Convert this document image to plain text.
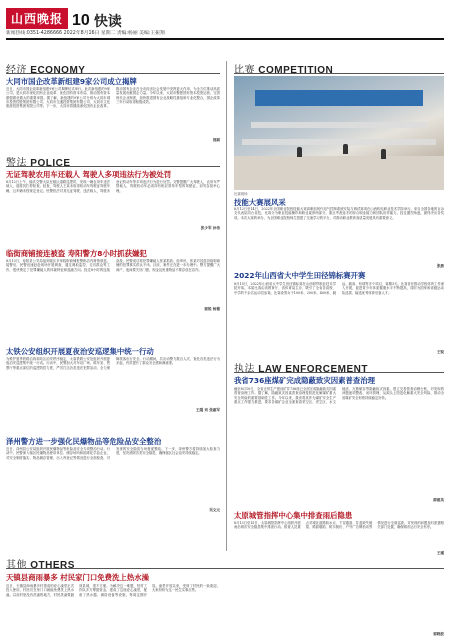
山西晚报 10 快读
新闻热线:0351-4286666 2022年8月16日 星期二 责编:杨丽 美编:王振翔
经济 ECONOMY
大同市国企改革新组建9家公司成立揭牌
近日，大同市国企改革新组建9家公司揭牌仪式举行。此次新组建的9家公司，是大同市深化国有企业改革、优化国有资本布局、推动国有资本做强做优做大的重要举措。据了解，新组建的9家公司分别为大同市城市投资控股集团有限公司、大同市交通投资集团有限公司、大同市文化旅游投资集团有限公司等。下一步，大同市将继续深化国有企业改革，推动国有企业在全市经济社会发展中发挥更大作用，为全方位推动高质量发展贡献国企力量。今年以来，大同市聚焦国有资本投资运营，完善现代企业制度，加快推进国有企业战略性重组和专业化整合，国企改革三年行动取得积极成效。
郭斌
警法 POLICE
无证驾驶农用车还载人 驾驶人多项违法行为被处罚
8月12日上午，榆次交警大队在辖区道路巡逻时，发现一辆农用车违法载人，遂将其拦停检查。经查，驾驶人王某未取得机动车驾驶证驾驶车辆，且车辆未按规定登记。民警依法对其无证驾驶、违法载人、驾驶未登记机动车等多项违法行为进行处罚。交警提醒广大驾驶人，农用车严禁载人，驾驶机动车必须持有相应准驾车型的驾驶证，切勿存侥幸心理。
张少军 孙伟
临街商铺接连被盗 寿阳警方8小时抓获嫌犯
8月13日，寿阳县公安局接到辖区多家临街商铺报警称店内财物被盗。接警后，民警迅速赶赴现场开展调查，通过调取监控、走访群众等工作，很快锁定了犯罪嫌疑人的体貌特征和逃跑方向。经过8小时的连续奋战，民警成功将犯罪嫌疑人张某抓获。经审讯，张某对其盗窃临街商铺的犯罪事实供认不讳。目前，案件正在进一步办理中。警方提醒广大商户，夜间要关好门窗，现金及贵重物品不要存放在店内。
郭锐 杨德
太铁公安组织开展夏夜治安巡逻集中统一行动
为维护夏季铁路沿线和站区治安秩序稳定，太原铁路公安处组织开展夏夜治安巡逻集中统一行动。行动中，民警加大对车站广场、候车室、售票厅等重点部位的巡逻防控力度，严厉打击各类违法犯罪活动，全力保障旅客出行安全。行动期间，共出动警力数百人次，查处各类违法行为多起，有效提升了群众安全感和满意度。
王越 刘 张惠军
泽州警方进一步强化民爆物品等危险品安全整治
近日，泽州县公安局组织开展民爆物品等危险品安全专项整治行动。行动中，民警深入辖区民爆物品使用单位、储存场所和剧毒化学品企业，对安全制度落实、物品储存管理、出入库登记等情况进行全面检查，对发现的安全隐患当场督促整改。下一步，泽州警方将持续加大检查力度，坚决消除各类安全隐患，确保辖区社会治安持续稳定。
吴文元
其他 OTHERS
天镇县商雨暴多 村民家门口免费洗上热水澡
近日，天镇县商雨暴多村建成的爱心澡堂正式投入使用，村民们在家门口就能免费洗上热水澡。以前村里没有洗澡的地方，村民洗澡要跑到县城，很不方便。为解决这一难题，驻村工作队多方筹措资金，建成了这座爱心澡堂，配备了热水器、淋浴设备等设施，每周定期开放。澡堂开放以来，受到了村民的一致欢迎，大家纷纷为这一民生实事点赞。
郭晓波
比赛 COMPETITION
比赛现场
技能大赛展风采
8月12日至14日，2022年全国职业院校技能大赛高职组现代电气控制系统安装与调试赛项在山西机电职业技术学院举行。来自全国各地的百余支代表队同台竞技，比赛分为职业技能操作和职业素养两部分，重点考查选手的综合职业能力和团队协作能力。经过激烈角逐，最终决出各奖项。本次大赛的举办，为全国职业院校师生搭建了交流学习的平台，对推动职业教育高质量发展具有重要意义。
张燕
2022年山西省大中学生田径锦标赛开赛
8月15日，2022年山西省大中学生田径锦标赛在山西财贸职业技术学院开赛。本届比赛由省教育厅、省体育局主办，吸引了全省各高校、中学的千余名运动员参赛。比赛设男女子100米、200米、400米、跳远、跳高、铅球等多个项目，赛期3天。比赛旨在推动学校体育工作深入开展，促进青少年体质健康水平不断提高，同时为国家和省级运动队选拔、输送优秀体育后备人才。
王锐
执法 LAW ENFORCEMENT
我省736座煤矿完成隐蔽致灾因素普查治理
截至8月10日，全省正常生产建设矿井736座已全部完成隐蔽致灾因素普查治理工作。据了解，隐蔽致灾因素普查治理是防范化解煤矿重大安全风险的重要基础性工作。今年以来，我省将其作为煤矿安全生产重点工作强力推进，要求各煤矿企业全面查清采空区、老空区、水文地质、瓦斯赋存等隐蔽致灾因素，建立完善普查治理台账，对发现的问题逐项整改、闭环管理，从源头上防范化解重大安全风险，推动全省煤矿安全形势持续稳定好转。
薛建英
太原城管指挥中心集中排查雨后隐患
8月13日至15日，太原城管指挥中心组织开展雨后城市安全隐患集中排查行动。排查人员重点对城区道路积水点、下穿通道、井盖缺失破损、路面塌陷、树木倒伏、户外广告牌松动等情况进行全面巡查，对发现的问题及时派遣相关部门处置，确保城市运行安全有序。
王瑾
